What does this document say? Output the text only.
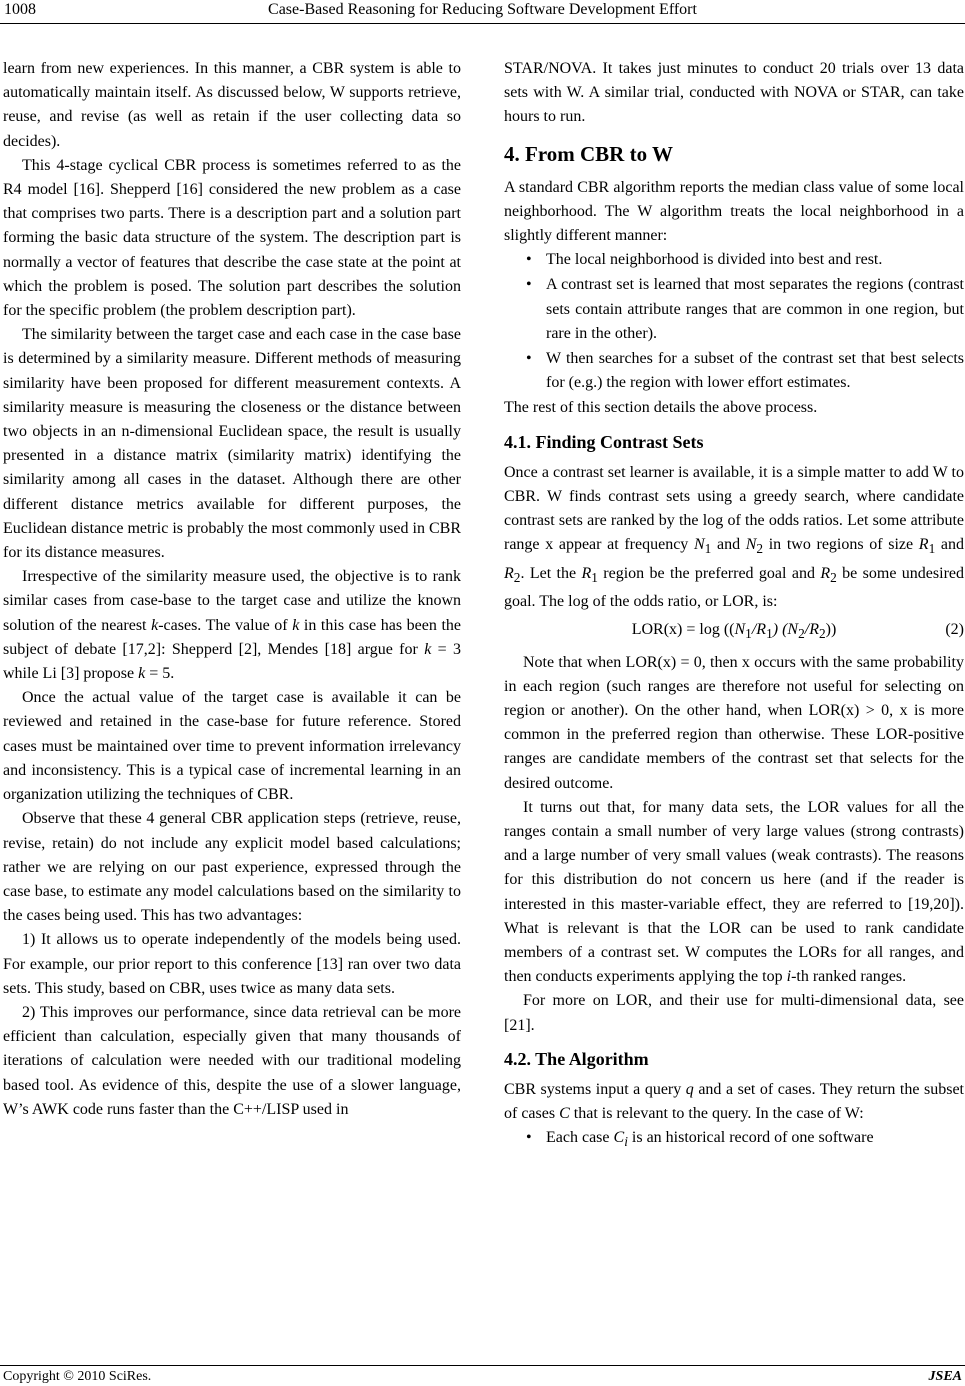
1008	Case-Based Reasoning for Reducing Software Development Effort

learn from new experiences. In this manner, a CBR system is able to automatically maintain itself. As discussed below, W supports retrieve, reuse, and revise (as well as retain if the user collecting data so decides).

This 4-stage cyclical CBR process is sometimes referred to as the R4 model [16]. Shepperd [16] considered the new problem as a case that comprises two parts. There is a description part and a solution part forming the basic data structure of the system. The description part is normally a vector of features that describe the case state at the point at which the problem is posed. The solution part describes the solution for the specific problem (the problem description part).

The similarity between the target case and each case in the case base is determined by a similarity measure. Different methods of measuring similarity have been proposed for different measurement contexts. A similarity measure is measuring the closeness or the distance between two objects in an n-dimensional Euclidean space, the result is usually presented in a distance matrix (similarity matrix) identifying the similarity among all cases in the dataset. Although there are other different distance metrics available for different purposes, the Euclidean distance metric is probably the most commonly used in CBR for its distance measures.

Irrespective of the similarity measure used, the objective is to rank similar cases from case-base to the target case and utilize the known solution of the nearest k-cases. The value of k in this case has been the subject of debate [17,2]: Shepperd [2], Mendes [18] argue for k = 3 while Li [3] propose k = 5.

Once the actual value of the target case is available it can be reviewed and retained in the case-base for future reference. Stored cases must be maintained over time to prevent information irrelevancy and inconsistency. This is a typical case of incremental learning in an organization utilizing the techniques of CBR.

Observe that these 4 general CBR application steps (retrieve, reuse, revise, retain) do not include any explicit model based calculations; rather we are relying on our past experience, expressed through the case base, to estimate any model calculations based on the similarity to the cases being used. This has two advantages:

1) It allows us to operate independently of the models being used. For example, our prior report to this conference [13] ran over two data sets. This study, based on CBR, uses twice as many data sets.

2) This improves our performance, since data retrieval can be more efficient than calculation, especially given that many thousands of iterations of calculation were needed with our traditional modeling based tool. As evidence of this, despite the use of a slower language, W’s AWK code runs faster than the C++/LISP used in

STAR/NOVA. It takes just minutes to conduct 20 trials over 13 data sets with W. A similar trial, conducted with NOVA or STAR, can take hours to run.

4. From CBR to W

A standard CBR algorithm reports the median class value of some local neighborhood. The W algorithm treats the local neighborhood in a slightly different manner:

• The local neighborhood is divided into best and rest.
• A contrast set is learned that most separates the regions (contrast sets contain attribute ranges that are common in one region, but rare in the other).
• W then searches for a subset of the contrast set that best selects for (e.g.) the region with lower effort estimates.

The rest of this section details the above process.

4.1. Finding Contrast Sets

Once a contrast set learner is available, it is a simple matter to add W to CBR. W finds contrast sets using a greedy search, where candidate contrast sets are ranked by the log of the odds ratios. Let some attribute range x appear at frequency $N_1$ and $N_2$ in two regions of size $R_1$ and $R_2$. Let the $R_1$ region be the preferred goal and $R_2$ be some undesired goal. The log of the odds ratio, or LOR, is:

$LOR(x) = \log ((N_1/R_1)$ $(N_2/R_2)$)	(2)

Note that when LOR(x) = 0, then x occurs with the same probability in each region (such ranges are therefore not useful for selecting on region or another). On the other hand, when LOR(x) > 0, x is more common in the preferred region than otherwise. These LOR-positive ranges are candidate members of the contrast set that selects for the desired outcome.

It turns out that, for many data sets, the LOR values for all the ranges contain a small number of very large values (strong contrasts) and a large number of very small values (weak contrasts). The reasons for this distribution do not concern us here (and if the reader is interested in this master-variable effect, they are referred to [19,20]). What is relevant is that the LOR can be used to rank candidate members of a contrast set. W computes the LORs for all ranges, and then conducts experiments applying the top i-th ranked ranges.

For more on LOR, and their use for multi-dimensional data, see [21].

4.2. The Algorithm

CBR systems input a query q and a set of cases. They return the subset of cases C that is relevant to the query. In the case of W:

• Each case $C_i$ is an historical record of one software
Copyright © 2010 SciRes.	JSEA
